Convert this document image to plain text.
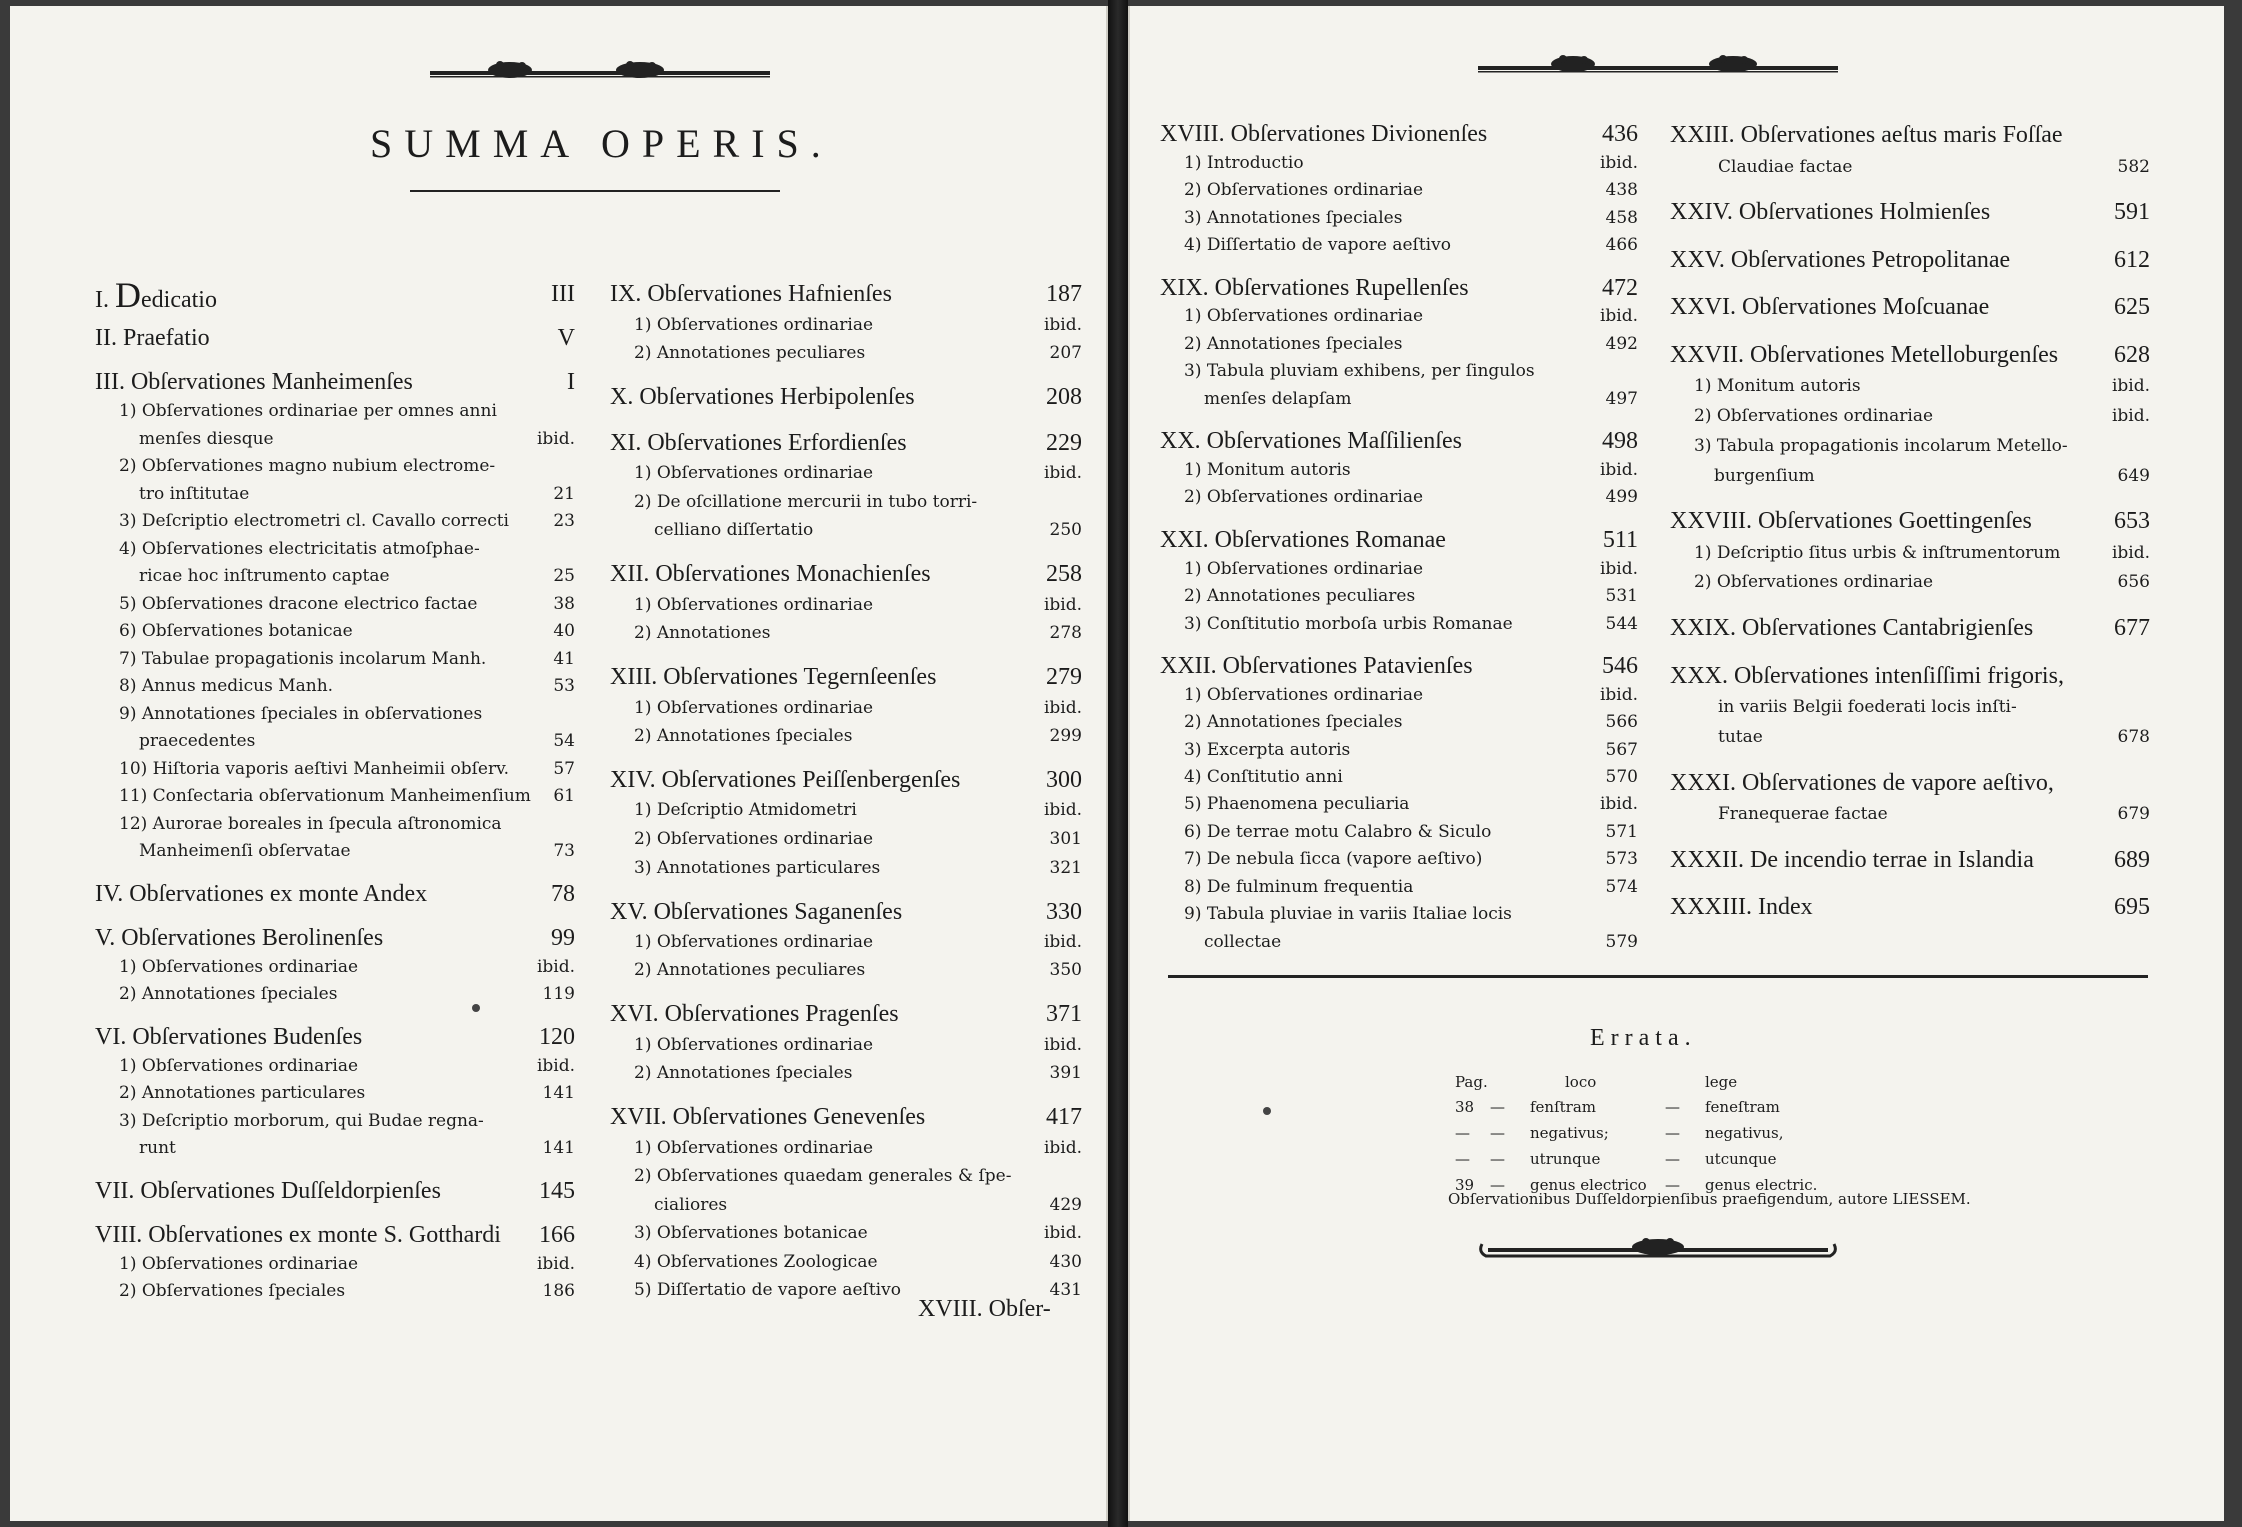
SUMMA OPERIS.
I. Dedicatio	III
II. Praefatio	V
III. Obſervationes Manheimenſes	I
1) Obſervationes ordinariae per omnes anni
menſes diesque	ibid.
2) Obſervationes magno nubium electrome-
tro inſtitutae	21
3) Deſcriptio electrometri cl. Cavallo correcti	23
4) Obſervationes electricitatis atmoſphae-
ricae hoc inſtrumento captae	25
5) Obſervationes dracone electrico factae	38
6) Obſervationes botanicae	40
7) Tabulae propagationis incolarum Manh.	41
8) Annus medicus Manh.	53
9) Annotationes ſpeciales in obſervationes
praecedentes	54
10) Hiſtoria vaporis aeſtivi Manheimii obſerv.	57
11) Conſectaria obſervationum Manheimenſium 61
12) Aurorae boreales in ſpecula aſtronomica
Manheimenſi obſervatae	73
IV. Obſervationes ex monte Andex	78
V. Obſervationes Berolinenſes	99
1) Obſervationes ordinariae	ibid.
2) Annotationes ſpeciales	119
VI. Obſervationes Budenſes	120
1) Obſervationes ordinariae	ibid.
2) Annotationes particulares	141
3) Deſcriptio morborum, qui Budae regna-
runt	141
VII. Obſervationes Duſſeldorpienſes	145
VIII. Obſervationes ex monte S. Gotthardi 166
1) Obſervationes ordinariae	ibid.
2) Obſervationes ſpeciales	186
IX. Obſervationes Hafnienſes	187
1) Obſervationes ordinariae	ibid.
2) Annotationes peculiares	207
X. Obſervationes Herbipolenſes	208
XI. Obſervationes Erfordienſes	229
1) Obſervationes ordinariae	ibid.
2) De oſcillatione mercurii in tubo torri-
celliano diſſertatio	250
XII. Obſervationes Monachienſes	258
1) Obſervationes ordinariae	ibid.
2) Annotationes	278
XIII. Obſervationes Tegernſeenſes	279
1) Obſervationes ordinariae	ibid.
2) Annotationes ſpeciales	299
XIV. Obſervationes Peiſſenbergenſes	300
1) Deſcriptio Atmidometri	ibid.
2) Obſervationes ordinariae	301
3) Annotationes particulares	321
XV. Obſervationes Saganenſes	330
1) Obſervationes ordinariae	ibid.
2) Annotationes peculiares	350
XVI. Obſervationes Pragenſes	371
1) Obſervationes ordinariae	ibid.
2) Annotationes ſpeciales	391
XVII. Obſervationes Genevenſes	417
1) Obſervationes ordinariae	ibid.
2) Obſervationes quaedam generales & ſpe-
cialiores	429
3) Obſervationes botanicae	ibid.
4) Obſervationes Zoologicae	430
5) Diſſertatio de vapore aeſtivo	431
XVIII. Obſervationes Divionenſes	436
1) Introductio	ibid.
2) Obſervationes ordinariae	438
3) Annotationes ſpeciales	458
4) Diſſertatio de vapore aeſtivo	466
XIX. Obſervationes Rupellenſes	472
1) Obſervationes ordinariae	ibid.
2) Annotationes ſpeciales	492
3) Tabula pluviam exhibens, per ſingulos
menſes delapſam	497
XX. Obſervationes Maſſilienſes	498
1) Monitum autoris	ibid.
2) Obſervationes ordinariae	499
XXI. Obſervationes Romanae	511
1) Obſervationes ordinariae	ibid.
2) Annotationes peculiares	531
3) Conſtitutio morboſa urbis Romanae	544
XXII. Obſervationes Patavienſes	546
1) Obſervationes ordinariae	ibid.
2) Annotationes ſpeciales	566
3) Excerpta autoris	567
4) Conſtitutio anni	570
5) Phaenomena peculiaria	ibid.
6) De terrae motu Calabro & Siculo	571
7) De nebula ſicca (vapore aeſtivo)	573
8) De fulminum frequentia	574
9) Tabula pluviae in variis Italiae locis
collectae	579
XXIII. Obſervationes aeſtus maris Foſſae
Claudiae factae	582
XXIV. Obſervationes Holmienſes	591
XXV. Obſervationes Petropolitanae	612
XXVI. Obſervationes Moſcuanae	625
XXVII. Obſervationes Metelloburgenſes 628
1) Monitum autoris	ibid.
2) Obſervationes ordinariae	ibid.
3) Tabula propagationis incolarum Metello-
burgenſium	649
XXVIII. Obſervationes Goettingenſes	653
1) Deſcriptio ſitus urbis & inſtrumentorum	ibid.
2) Obſervationes ordinariae	656
XXIX. Obſervationes Cantabrigienſes	677
XXX. Obſervationes intenſiſſimi frigoris,
in variis Belgii foederati locis inſti-
tutae	678
XXXI. Obſervationes de vapore aeſtivo,
Franequerae factae	679
XXXII. De incendio terrae in Islandia	689
XXXIII. Index	695
XVIII. Obſer-
Errata.
Pag.	loco	lege
38 — fenſtram	— feneſtram
— — negativus;	— negativus,
— — utrunque	— utcunque
39 — genus electrico — genus electric.
Obſervationibus Duſſeldorpienſibus praefigendum, autore LIESSEM.
